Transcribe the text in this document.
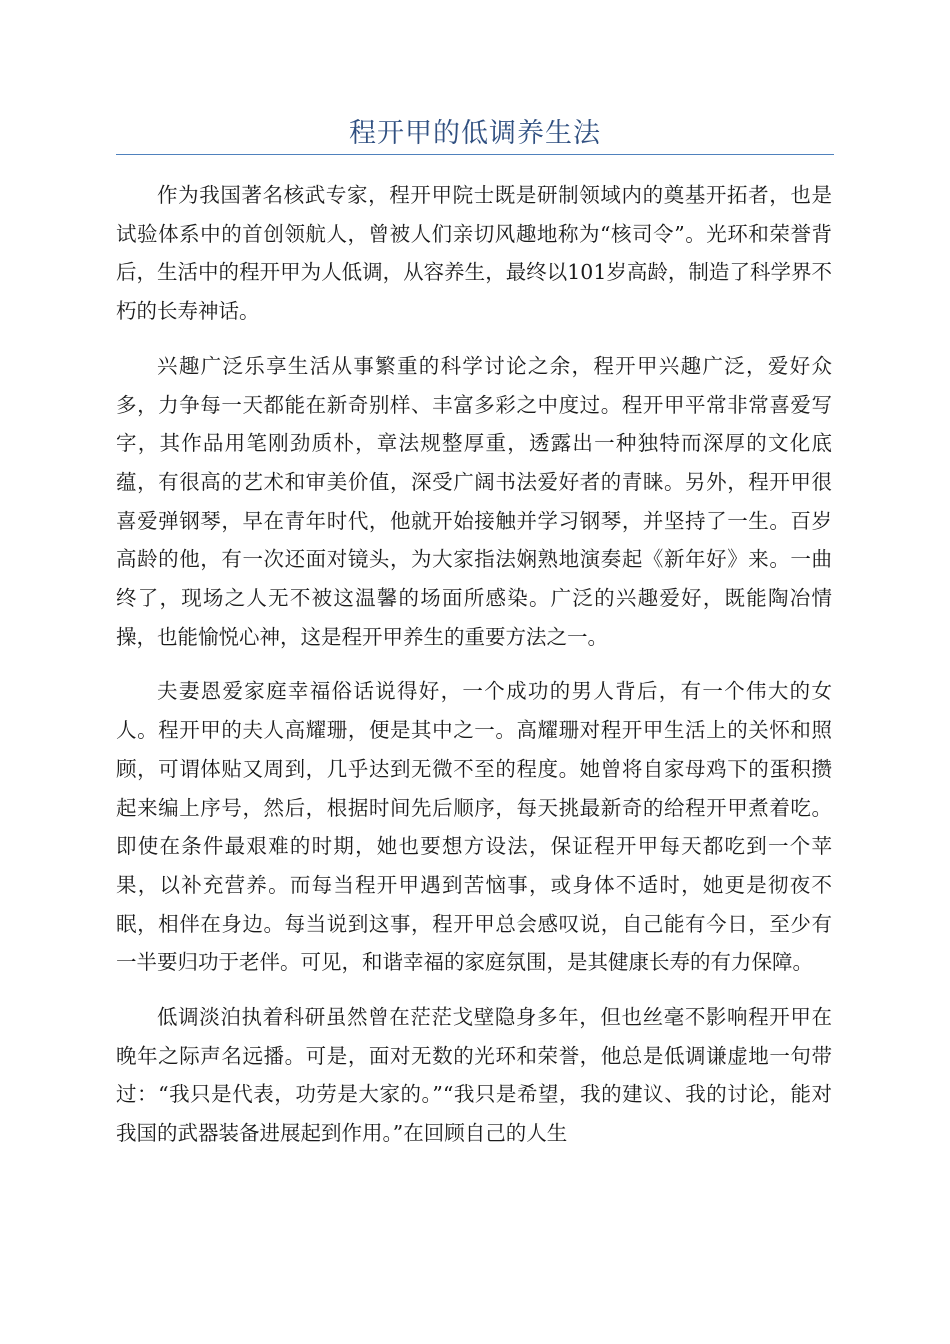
程开甲的低调养生法

作为我国著名核武专家，程开甲院士既是研制领域内的奠基开拓者，也是试验体系中的首创领航人，曾被人们亲切风趣地称为“核司令”。光环和荣誉背后，生活中的程开甲为人低调，从容养生，最终以101岁高龄，制造了科学界不朽的长寿神话。

兴趣广泛乐享生活从事繁重的科学讨论之余，程开甲兴趣广泛，爱好众多，力争每一天都能在新奇别样、丰富多彩之中度过。程开甲平常非常喜爱写字，其作品用笔刚劲质朴，章法规整厚重，透露出一种独特而深厚的文化底蕴，有很高的艺术和审美价值，深受广阔书法爱好者的青睐。另外，程开甲很喜爱弹钢琴，早在青年时代，他就开始接触并学习钢琴，并坚持了一生。百岁高龄的他，有一次还面对镜头，为大家指法娴熟地演奏起《新年好》来。一曲终了，现场之人无不被这温馨的场面所感染。广泛的兴趣爱好，既能陶冶情操，也能愉悦心神，这是程开甲养生的重要方法之一。

夫妻恩爱家庭幸福俗话说得好，一个成功的男人背后，有一个伟大的女人。程开甲的夫人高耀珊，便是其中之一。高耀珊对程开甲生活上的关怀和照顾，可谓体贴又周到，几乎达到无微不至的程度。她曾将自家母鸡下的蛋积攒起来编上序号，然后，根据时间先后顺序，每天挑最新奇的给程开甲煮着吃。即使在条件最艰难的时期，她也要想方设法，保证程开甲每天都吃到一个苹果，以补充营养。而每当程开甲遇到苦恼事，或身体不适时，她更是彻夜不眠，相伴在身边。每当说到这事，程开甲总会感叹说，自己能有今日，至少有一半要归功于老伴。可见，和谐幸福的家庭氛围，是其健康长寿的有力保障。

低调淡泊执着科研虽然曾在茫茫戈壁隐身多年，但也丝毫不影响程开甲在晚年之际声名远播。可是，面对无数的光环和荣誉，他总是低调谦虚地一句带过：“我只是代表，功劳是大家的。”“我只是希望，我的建议、我的讨论，能对我国的武器装备进展起到作用。”在回顾自己的人生
